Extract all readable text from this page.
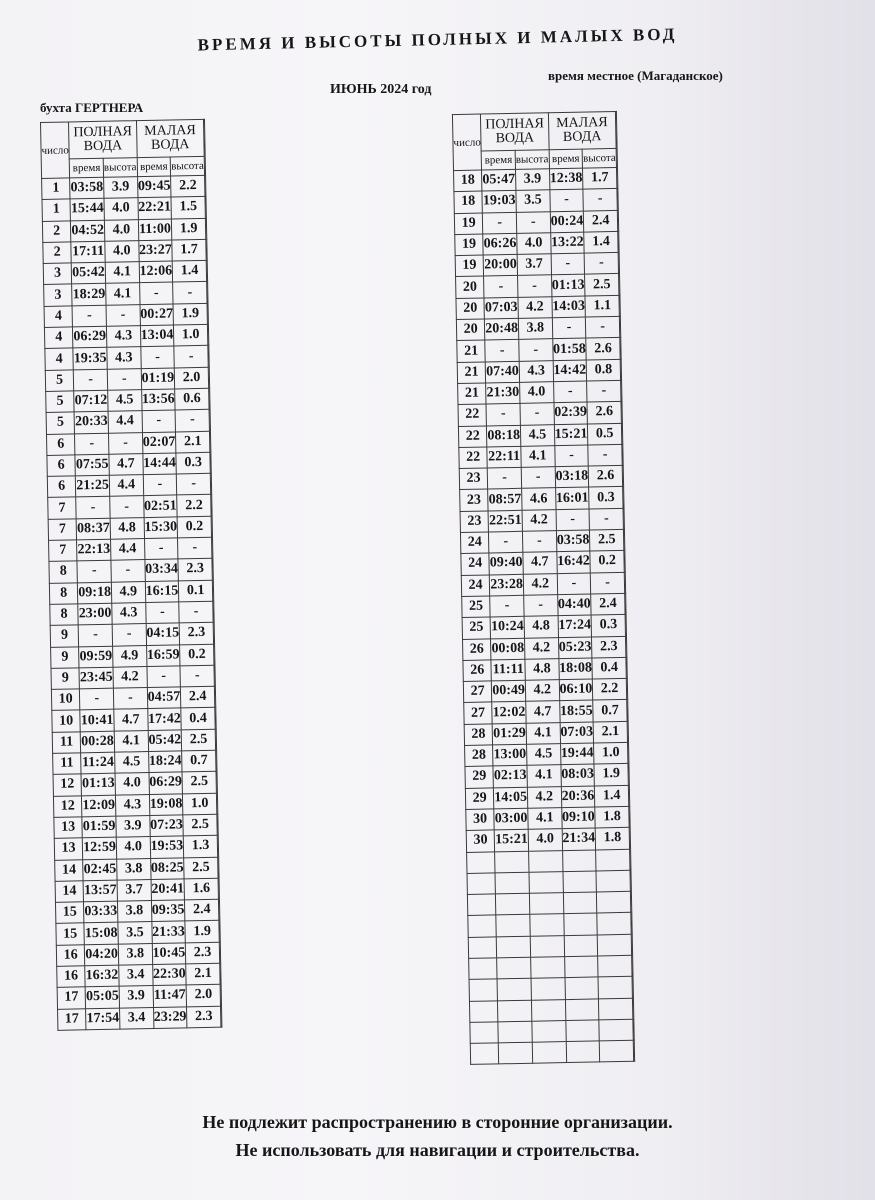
ВРЕМЯ И ВЫСОТЫ ПОЛНЫХ И МАЛЫХ ВОД
бухта ГЕРТНЕРА
ИЮНЬ 2024 год
время местное (Магаданское)
число	ПОЛНАЯ
ВОДА		МАЛАЯ
ВОДА		
	время	высота	время	высота	
1	03:58	3.9	09:45	2.2	
1	15:44	4.0	22:21	1.5	
2	04:52	4.0	11:00	1.9	
2	17:11	4.0	23:27	1.7	
3	05:42	4.1	12:06	1.4	
3	18:29	4.1	-	-	
4	-	-	00:27	1.9	
4	06:29	4.3	13:04	1.0	
4	19:35	4.3	-	-	
5	-	-	01:19	2.0	
5	07:12	4.5	13:56	0.6	
5	20:33	4.4	-	-	
6	-	-	02:07	2.1	
6	07:55	4.7	14:44	0.3	
6	21:25	4.4	-	-	
7	-	-	02:51	2.2	
7	08:37	4.8	15:30	0.2	
7	22:13	4.4	-	-	
8	-	-	03:34	2.3	
8	09:18	4.9	16:15	0.1	
8	23:00	4.3	-	-	
9	-	-	04:15	2.3	
9	09:59	4.9	16:59	0.2	
9	23:45	4.2	-	-	
10	-	-	04:57	2.4	
10	10:41	4.7	17:42	0.4	
11	00:28	4.1	05:42	2.5	
11	11:24	4.5	18:24	0.7	
12	01:13	4.0	06:29	2.5	
12	12:09	4.3	19:08	1.0	
13	01:59	3.9	07:23	2.5	
13	12:59	4.0	19:53	1.3	
14	02:45	3.8	08:25	2.5	
14	13:57	3.7	20:41	1.6	
15	03:33	3.8	09:35	2.4	
15	15:08	3.5	21:33	1.9	
16	04:20	3.8	10:45	2.3	
16	16:32	3.4	22:30	2.1	
17	05:05	3.9	11:47	2.0	
17	17:54	3.4	23:29	2.3	
число	ПОЛНАЯ
ВОДА		МАЛАЯ
ВОДА		
	время	высота	время	высота	
18	05:47	3.9	12:38	1.7	
18	19:03	3.5	-	-	
19	-	-	00:24	2.4	
19	06:26	4.0	13:22	1.4	
19	20:00	3.7	-	-	
20	-	-	01:13	2.5	
20	07:03	4.2	14:03	1.1	
20	20:48	3.8	-	-	
21	-	-	01:58	2.6	
21	07:40	4.3	14:42	0.8	
21	21:30	4.0	-	-	
22	-	-	02:39	2.6	
22	08:18	4.5	15:21	0.5	
22	22:11	4.1	-	-	
23	-	-	03:18	2.6	
23	08:57	4.6	16:01	0.3	
23	22:51	4.2	-	-	
24	-	-	03:58	2.5	
24	09:40	4.7	16:42	0.2	
24	23:28	4.2	-	-	
25	-	-	04:40	2.4	
25	10:24	4.8	17:24	0.3	
26	00:08	4.2	05:23	2.3	
26	11:11	4.8	18:08	0.4	
27	00:49	4.2	06:10	2.2	
27	12:02	4.7	18:55	0.7	
28	01:29	4.1	07:03	2.1	
28	13:00	4.5	19:44	1.0	
29	02:13	4.1	08:03	1.9	
29	14:05	4.2	20:36	1.4	
30	03:00	4.1	09:10	1.8	
30	15:21	4.0	21:34	1.8	

Не подлежит распространению в сторонние организации.
Не использовать для навигации и строительства.
